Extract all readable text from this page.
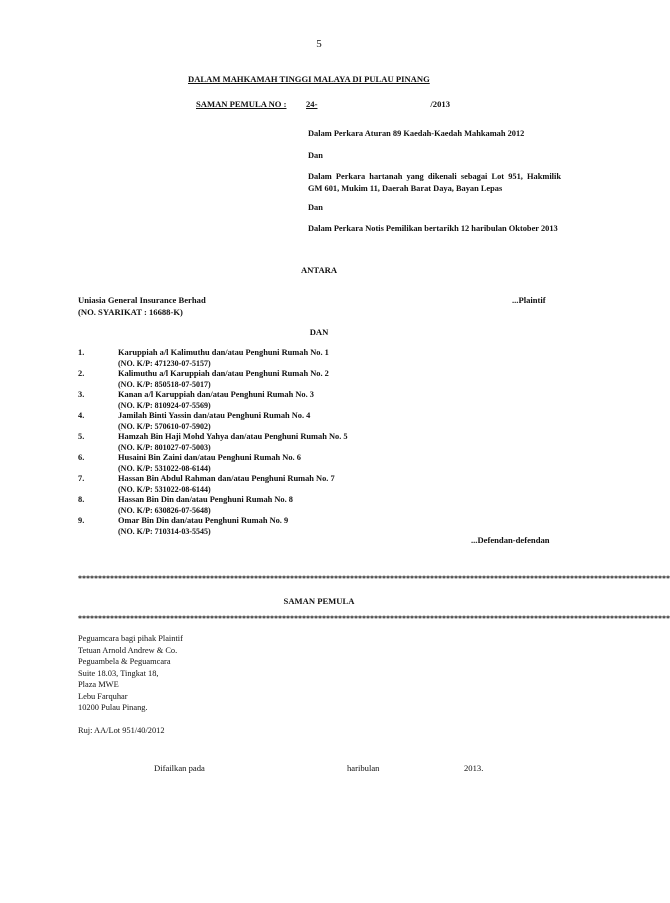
5
DALAM MAHKAMAH TINGGI MALAYA DI PULAU PINANG
SAMAN PEMULA NO : 24-	/2013
Dalam Perkara Aturan 89 Kaedah-Kaedah Mahkamah 2012
Dan
Dalam Perkara hartanah yang dikenali sebagai Lot 951, Hakmilik GM 601, Mukim 11, Daerah Barat Daya, Bayan Lepas
Dan
Dalam Perkara Notis Pemilikan bertarikh 12 haribulan Oktober 2013
ANTARA
Uniasia General Insurance Berhad	...Plaintif
(NO. SYARIKAT : 16688-K)
DAN
1.	Karuppiah a/l Kalimuthu dan/atau Penghuni Rumah No. 1
(NO. K/P: 471230-07-5157)
2.	Kalimuthu a/l Karuppiah dan/atau Penghuni Rumah No. 2
(NO. K/P: 850518-07-5017)
3.	Kanan a/l Karuppiah dan/atau Penghuni Rumah No. 3
(NO. K/P: 810924-07-5569)
4.	Jamilah Binti Yassin dan/atau Penghuni Rumah No. 4
(NO. K/P: 570610-07-5902)
5.	Hamzah Bin Haji Mohd Yahya dan/atau Penghuni Rumah No. 5
(NO. K/P: 801027-07-5003)
6.	Husaini Bin Zaini dan/atau Penghuni Rumah No. 6
(NO. K/P: 531022-08-6144)
7.	Hassan Bin Abdul Rahman dan/atau Penghuni Rumah No. 7
(NO. K/P: 531022-08-6144)
8.	Hassan Bin Din dan/atau Penghuni Rumah No. 8
(NO. K/P: 630826-07-5648)
9.	Omar Bin Din dan/atau Penghuni Rumah No. 9
(NO. K/P: 710314-03-5545)
...Defendan-defendan
****************************************************************************************************************************************************
SAMAN PEMULA
****************************************************************************************************************************************************
Peguamcara bagi pihak Plaintif
Tetuan Arnold Andrew & Co.
Peguambela & Peguamcara
Suite 18.03, Tingkat 18,
Plaza MWE
Lebu Farquhar
10200 Pulau Pinang.
Ruj: AA/Lot 951/40/2012
Difailkan pada	haribulan	2013.
